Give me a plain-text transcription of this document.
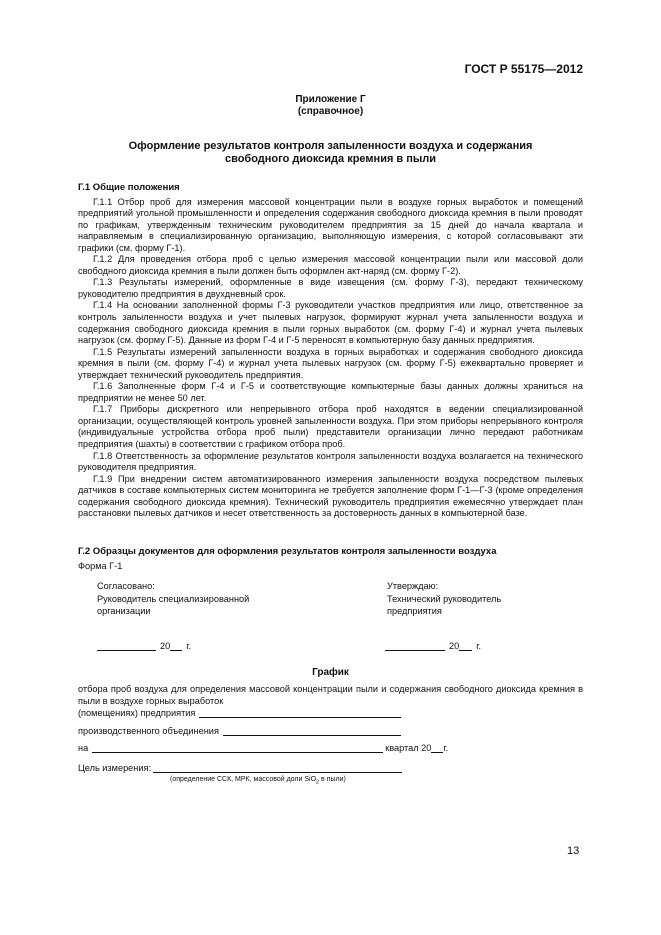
ГОСТ Р 55175—2012
Приложение Г
(справочное)
Оформление результатов контроля запыленности воздуха и содержания
свободного диоксида кремния в пыли
Г.1 Общие положения

Г.1.1 Отбор проб для измерения массовой концентрации пыли в воздухе горных выработок и помещений предприятий угольной промышленности и определения содержания свободного диоксида кремния в пыли проводят по графикам, утвержденным техническим руководителем предприятия за 15 дней до начала квартала и направляемым в специализированную организацию, выполняющую измерения, с которой согласовывают эти графики (см. форму Г-1).

Г.1.2 Для проведения отбора проб с целью измерения массовой концентрации пыли или массовой доли свободного диоксида кремния в пыли должен быть оформлен акт-наряд (см. форму Г-2).

Г.1.3 Результаты измерений, оформленные в виде извещения (см. форму Г-3), передают техническому руководителю предприятия в двухдневный срок.

Г.1.4 На основании заполненной формы Г-3 руководители участков предприятия или лицо, ответственное за контроль запыленности воздуха и учет пылевых нагрузок, формируют журнал учета запыленности воздуха и содержания свободного диоксида кремния в пыли горных выработок (см. форму Г-4) и журнал учета пылевых нагрузок (см. форму Г-5). Данные из форм Г-4 и Г-5 переносят в компьютерную базу данных предприятия.

Г.1.5 Результаты измерений запыленности воздуха в горных выработках и содержания свободного диоксида кремния в пыли (см. форму Г-4) и журнал учета пылевых нагрузок (см. форму Г-5) ежеквартально проверяет и утверждает технический руководитель предприятия.

Г.1.6 Заполненные форм Г-4 и Г-5 и соответствующие компьютерные базы данных должны храниться на предприятии не менее 50 лет.

Г.1.7 Приборы дискретного или непрерывного отбора проб находятся в ведении специализированной организации, осуществляющей контроль уровней запыленности воздуха. При этом приборы непрерывного контроля (индивидуальные устройства отбора проб пыли) представители организации лично передают работникам предприятия (шахты) в соответствии с графиком отбора проб.

Г.1.8 Ответственность за оформление результатов контроля запыленности воздуха возлагается на технического руководителя предприятия.

Г.1.9 При внедрении систем автоматизированного измерения запыленности воздуха посредством пылевых датчиков в составе компьютерных систем мониторинга не требуется заполнение форм Г-1—Г-3 (кроме определения содержания свободного диоксида кремния). Технический руководитель предприятия ежемесячно утверждает план расстановки пылевых датчиков и несет ответственность за достоверность данных в компьютерной базе.

Г.2 Образцы документов для оформления результатов контроля запыленности воздуха
Форма Г-1
Согласовано:
Руководитель специализированной
организации
Утверждаю:
Технический руководитель
предприятия
20 г.	20 г.
График
отбора проб воздуха для определения массовой концентрации пыли и содержания свободного диоксида кремния в пыли в воздухе горных выработок
(помещениях) предприятия
производственного объединения
на	квартал 20 г.
Цель измерения:
(определение ССК, МРК, массовой доли SiO$_2$ в пыли)
13
